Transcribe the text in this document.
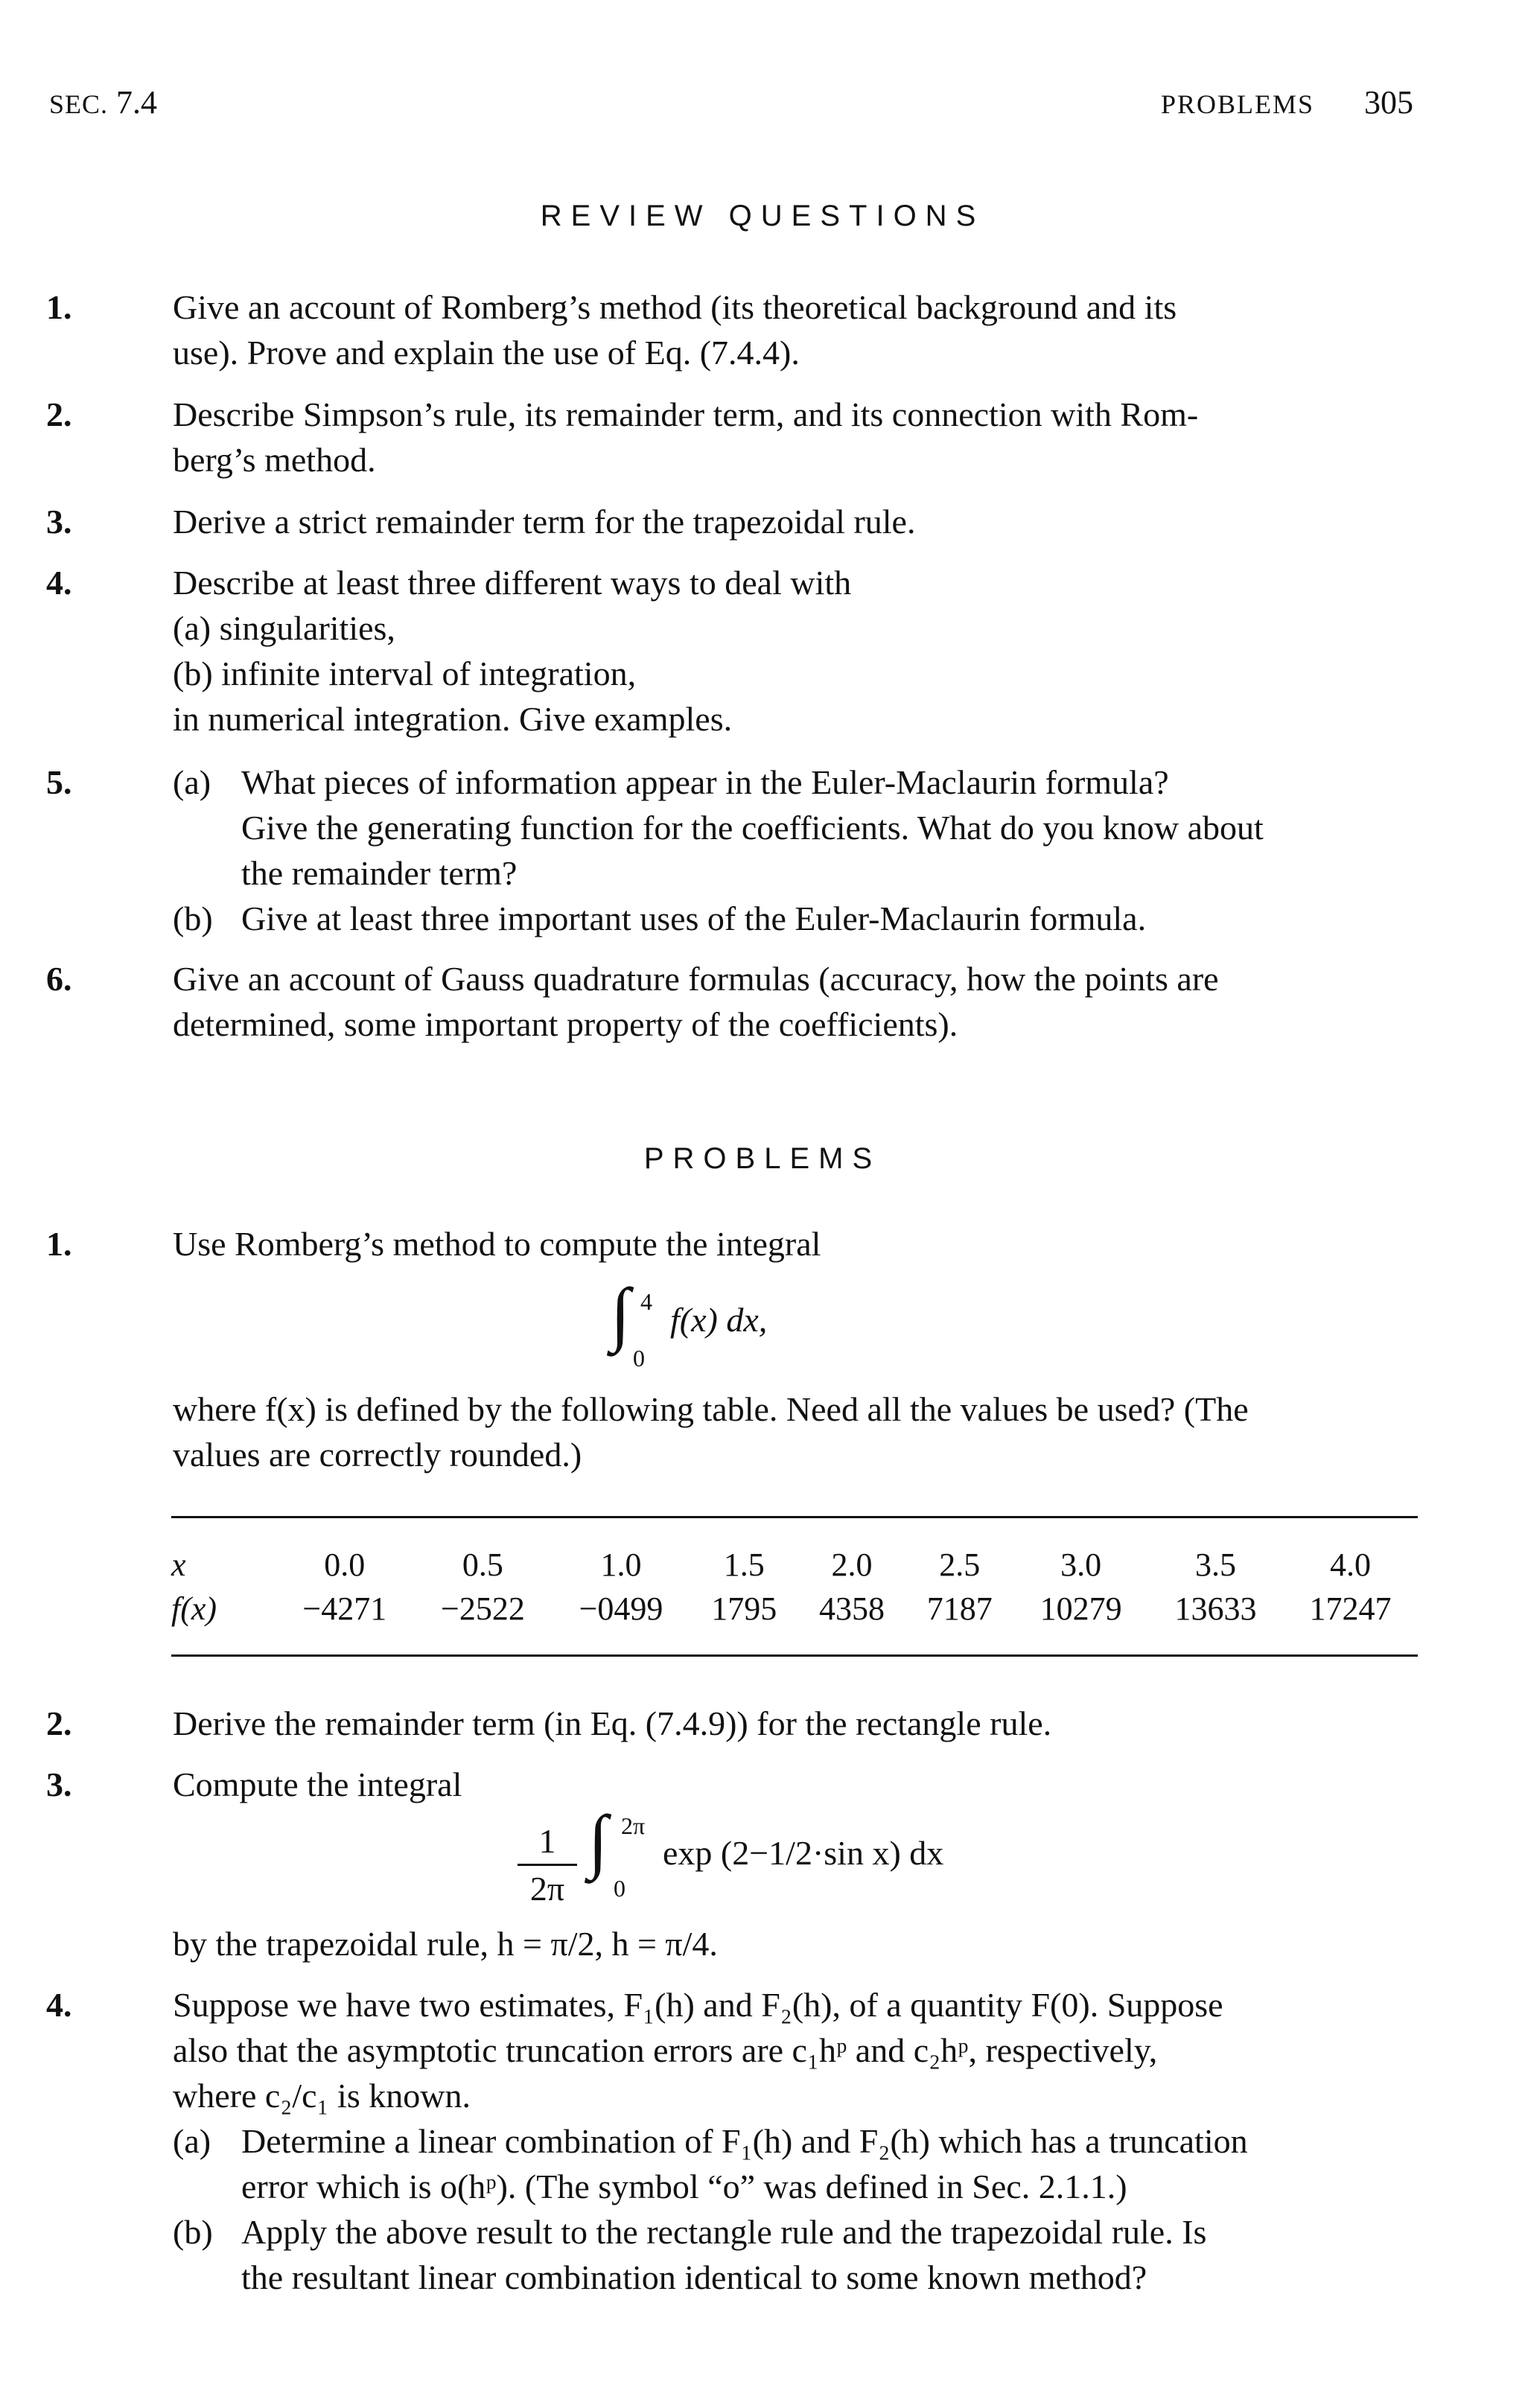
SEC. 7.4	PROBLEMS 305
REVIEW QUESTIONS
1.	Give an account of Romberg’s method (its theoretical background and its
use). Prove and explain the use of Eq. (7.4.4).
2.	Describe Simpson’s rule, its remainder term, and its connection with Rom-
berg’s method.
3.	Derive a strict remainder term for the trapezoidal rule.
4.	Describe at least three different ways to deal with
(a) singularities,
(b) infinite interval of integration,
in numerical integration. Give examples.
5.	(a) What pieces of information appear in the Euler-Maclaurin formula?
Give the generating function for the coefficients. What do you know about
the remainder term?
(b) Give at least three important uses of the Euler-Maclaurin formula.
6.	Give an account of Gauss quadrature formulas (accuracy, how the points are
determined, some important property of the coefficients).
PROBLEMS
1.	Use Romberg’s method to compute the integral
∫ 4
0
f(x) dx,
where f(x) is defined by the following table. Need all the values be used? (The
values are correctly rounded.)
x	0.0	0.5	1.0	1.5	2.0	2.5	3.0	3.5	4.0
f(x)	−4271	−2522	−0499	1795	4358	7187	10279	13633	17247
2.	Derive the remainder term (in Eq. (7.4.9)) for the rectangle rule.
3.	Compute the integral
1
2π
∫ 2π
0
exp (2−1/2·sin x) dx
by the trapezoidal rule, h = π/2, h = π/4.
4.	Suppose we have two estimates, F₁(h) and F₂(h), of a quantity F(0). Suppose
also that the asymptotic truncation errors are c₁hᵖ and c₂hᵖ, respectively,
where c₂/c₁ is known.
(a) Determine a linear combination of F₁(h) and F₂(h) which has a truncation
error which is o(hᵖ). (The symbol “o” was defined in Sec. 2.1.1.)
(b) Apply the above result to the rectangle rule and the trapezoidal rule. Is
the resultant linear combination identical to some known method?
